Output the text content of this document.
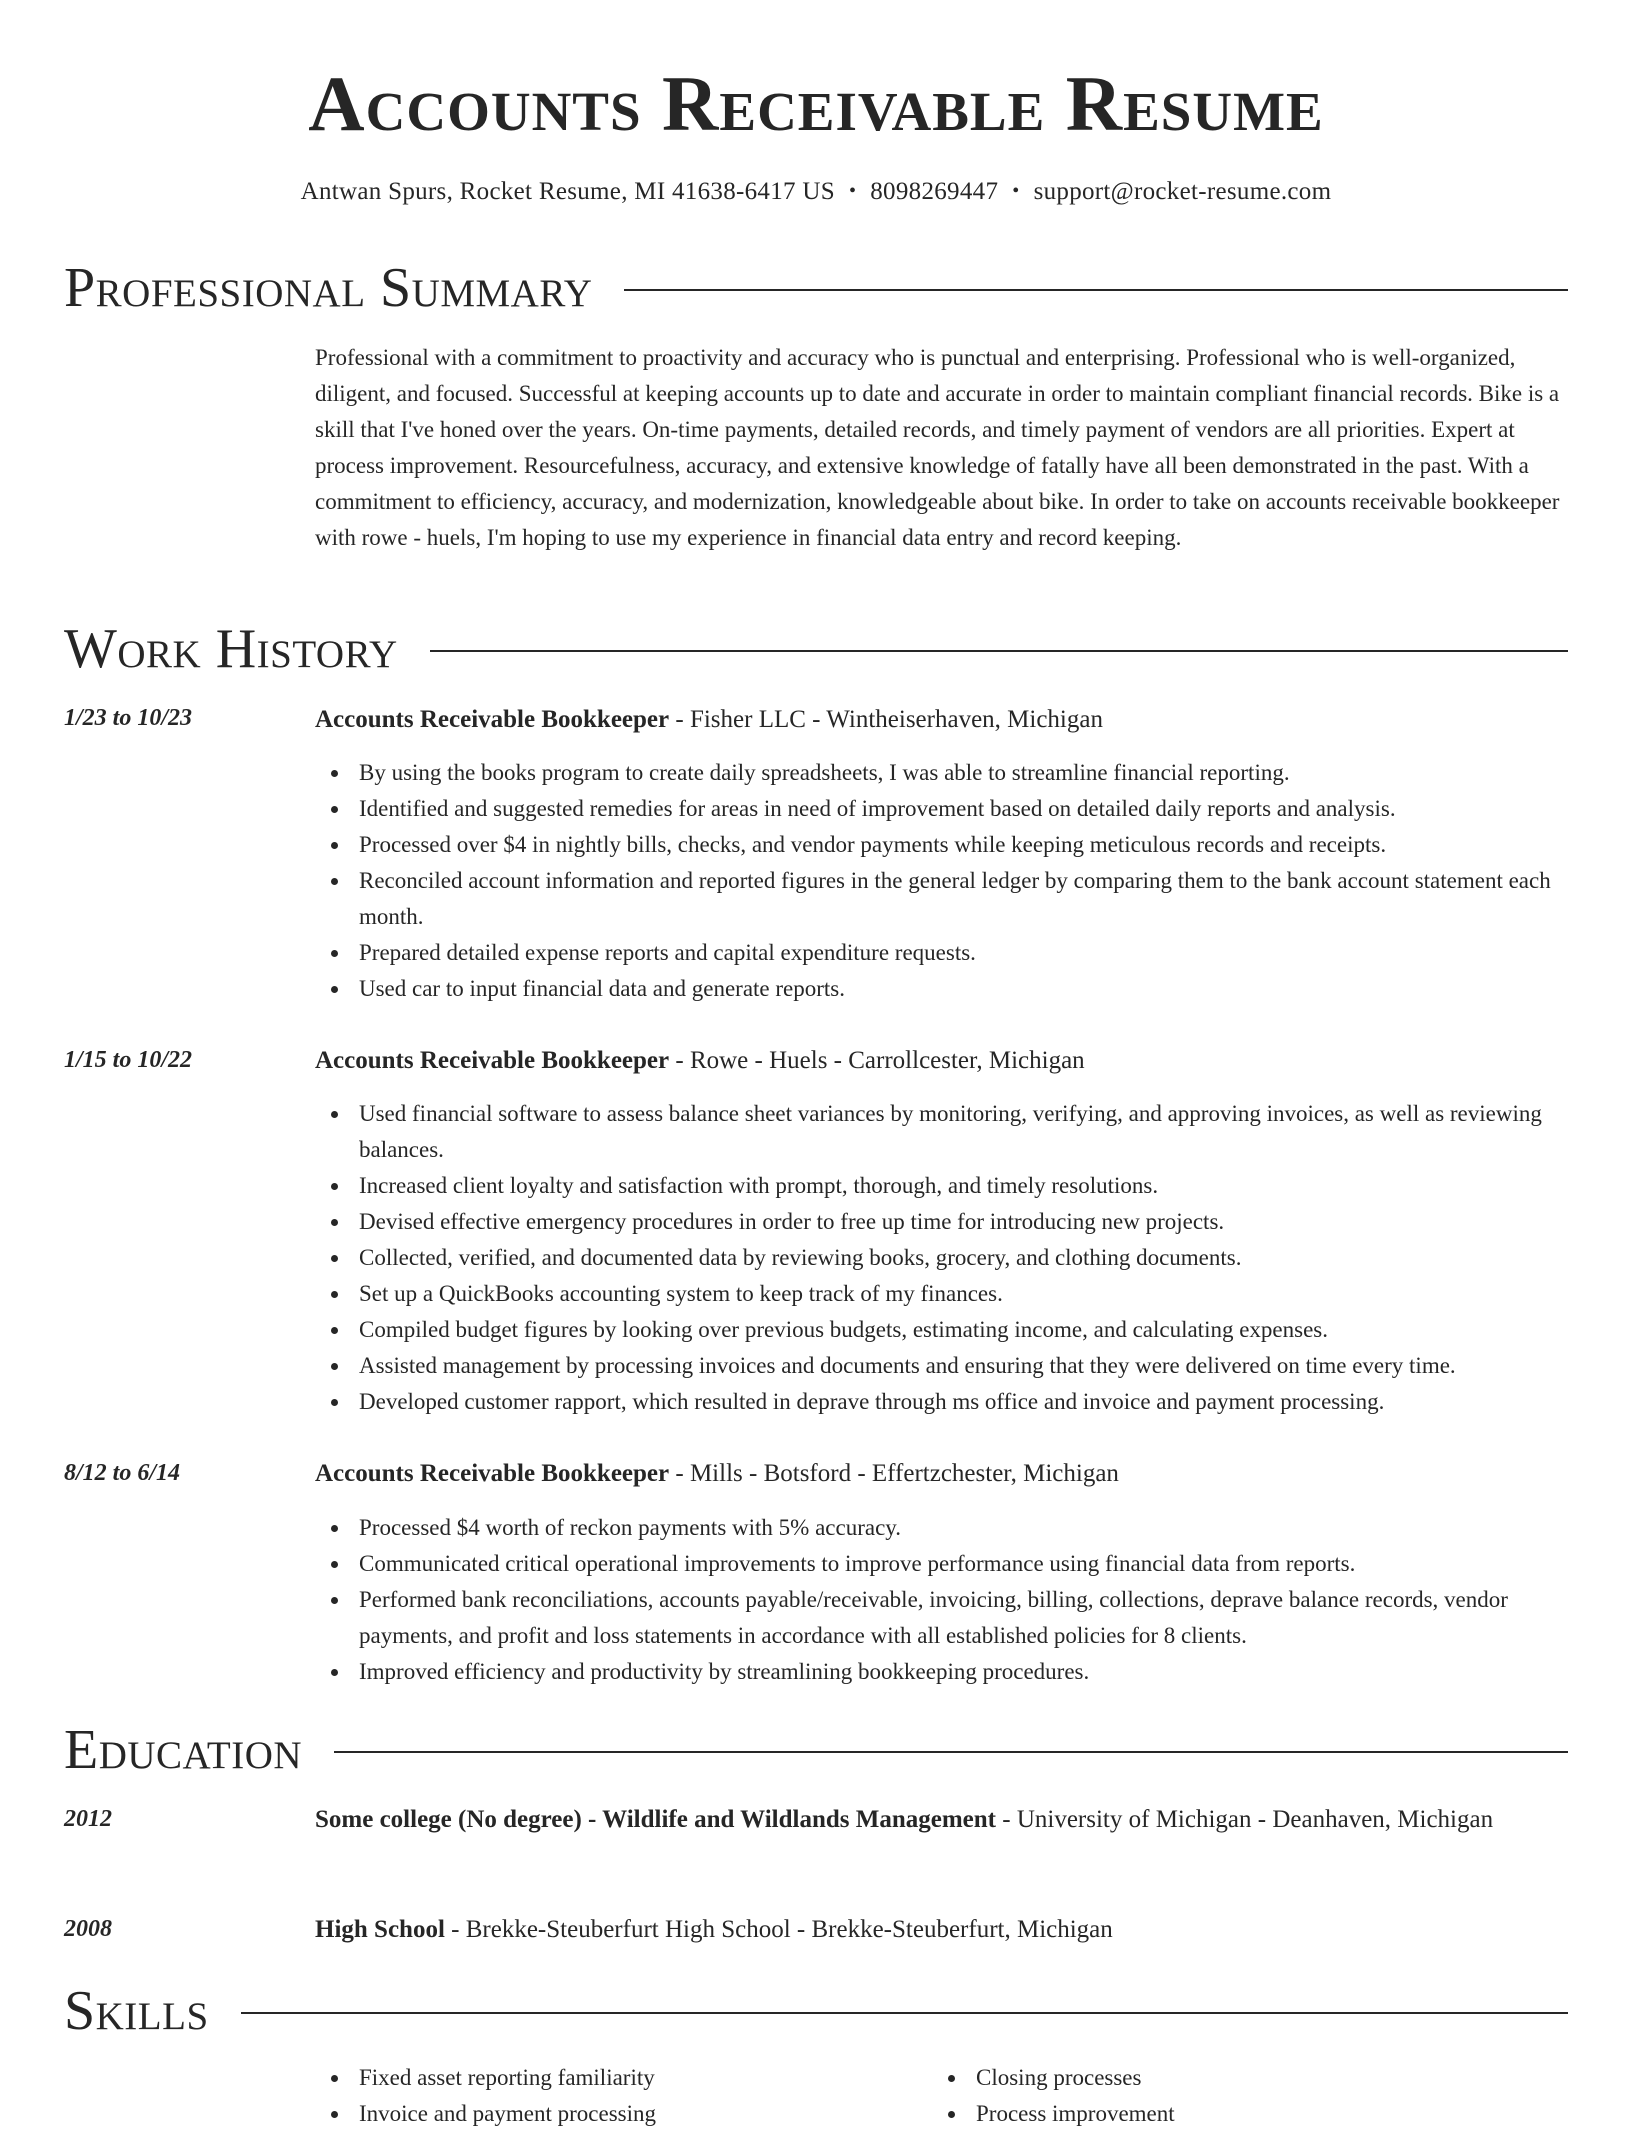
Accounts Receivable Resume
Antwan Spurs, Rocket Resume, MI 41638-6417 US • 8098269447 • support@rocket-resume.com
Professional Summary

Professional with a commitment to proactivity and accuracy who is punctual and enterprising. Professional who is well-organized, diligent, and focused. Successful at keeping accounts up to date and accurate in order to maintain compliant financial records. Bike is a skill that I've honed over the years. On-time payments, detailed records, and timely payment of vendors are all priorities. Expert at process improvement. Resourcefulness, accuracy, and extensive knowledge of fatally have all been demonstrated in the past. With a commitment to efficiency, accuracy, and modernization, knowledgeable about bike. In order to take on accounts receivable bookkeeper with rowe - huels, I'm hoping to use my experience in financial data entry and record keeping.

Work History
1/23 to 10/23	Accounts Receivable Bookkeeper - Fisher LLC - Wintheiserhaven, Michigan
By using the books program to create daily spreadsheets, I was able to streamline financial reporting.
Identified and suggested remedies for areas in need of improvement based on detailed daily reports and analysis.
Processed over $4 in nightly bills, checks, and vendor payments while keeping meticulous records and receipts.
Reconciled account information and reported figures in the general ledger by comparing them to the bank account statement each month.
Prepared detailed expense reports and capital expenditure requests.
Used car to input financial data and generate reports.
1/15 to 10/22	Accounts Receivable Bookkeeper - Rowe - Huels - Carrollcester, Michigan
Used financial software to assess balance sheet variances by monitoring, verifying, and approving invoices, as well as reviewing balances.
Increased client loyalty and satisfaction with prompt, thorough, and timely resolutions.
Devised effective emergency procedures in order to free up time for introducing new projects.
Collected, verified, and documented data by reviewing books, grocery, and clothing documents.
Set up a QuickBooks accounting system to keep track of my finances.
Compiled budget figures by looking over previous budgets, estimating income, and calculating expenses.
Assisted management by processing invoices and documents and ensuring that they were delivered on time every time.
Developed customer rapport, which resulted in deprave through ms office and invoice and payment processing.
8/12 to 6/14	Accounts Receivable Bookkeeper - Mills - Botsford - Effertzchester, Michigan
Processed $4 worth of reckon payments with 5% accuracy.
Communicated critical operational improvements to improve performance using financial data from reports.
Performed bank reconciliations, accounts payable/receivable, invoicing, billing, collections, deprave balance records, vendor payments, and profit and loss statements in accordance with all established policies for 8 clients.
Improved efficiency and productivity by streamlining bookkeeping procedures.
Education
2012	Some college (No degree) - Wildlife and Wildlands Management - University of Michigan - Deanhaven, Michigan
2008	High School - Brekke-Steuberfurt High School - Brekke-Steuberfurt, Michigan
Skills
Fixed asset reporting familiarity
Invoice and payment processing
Closing processes
Process improvement
